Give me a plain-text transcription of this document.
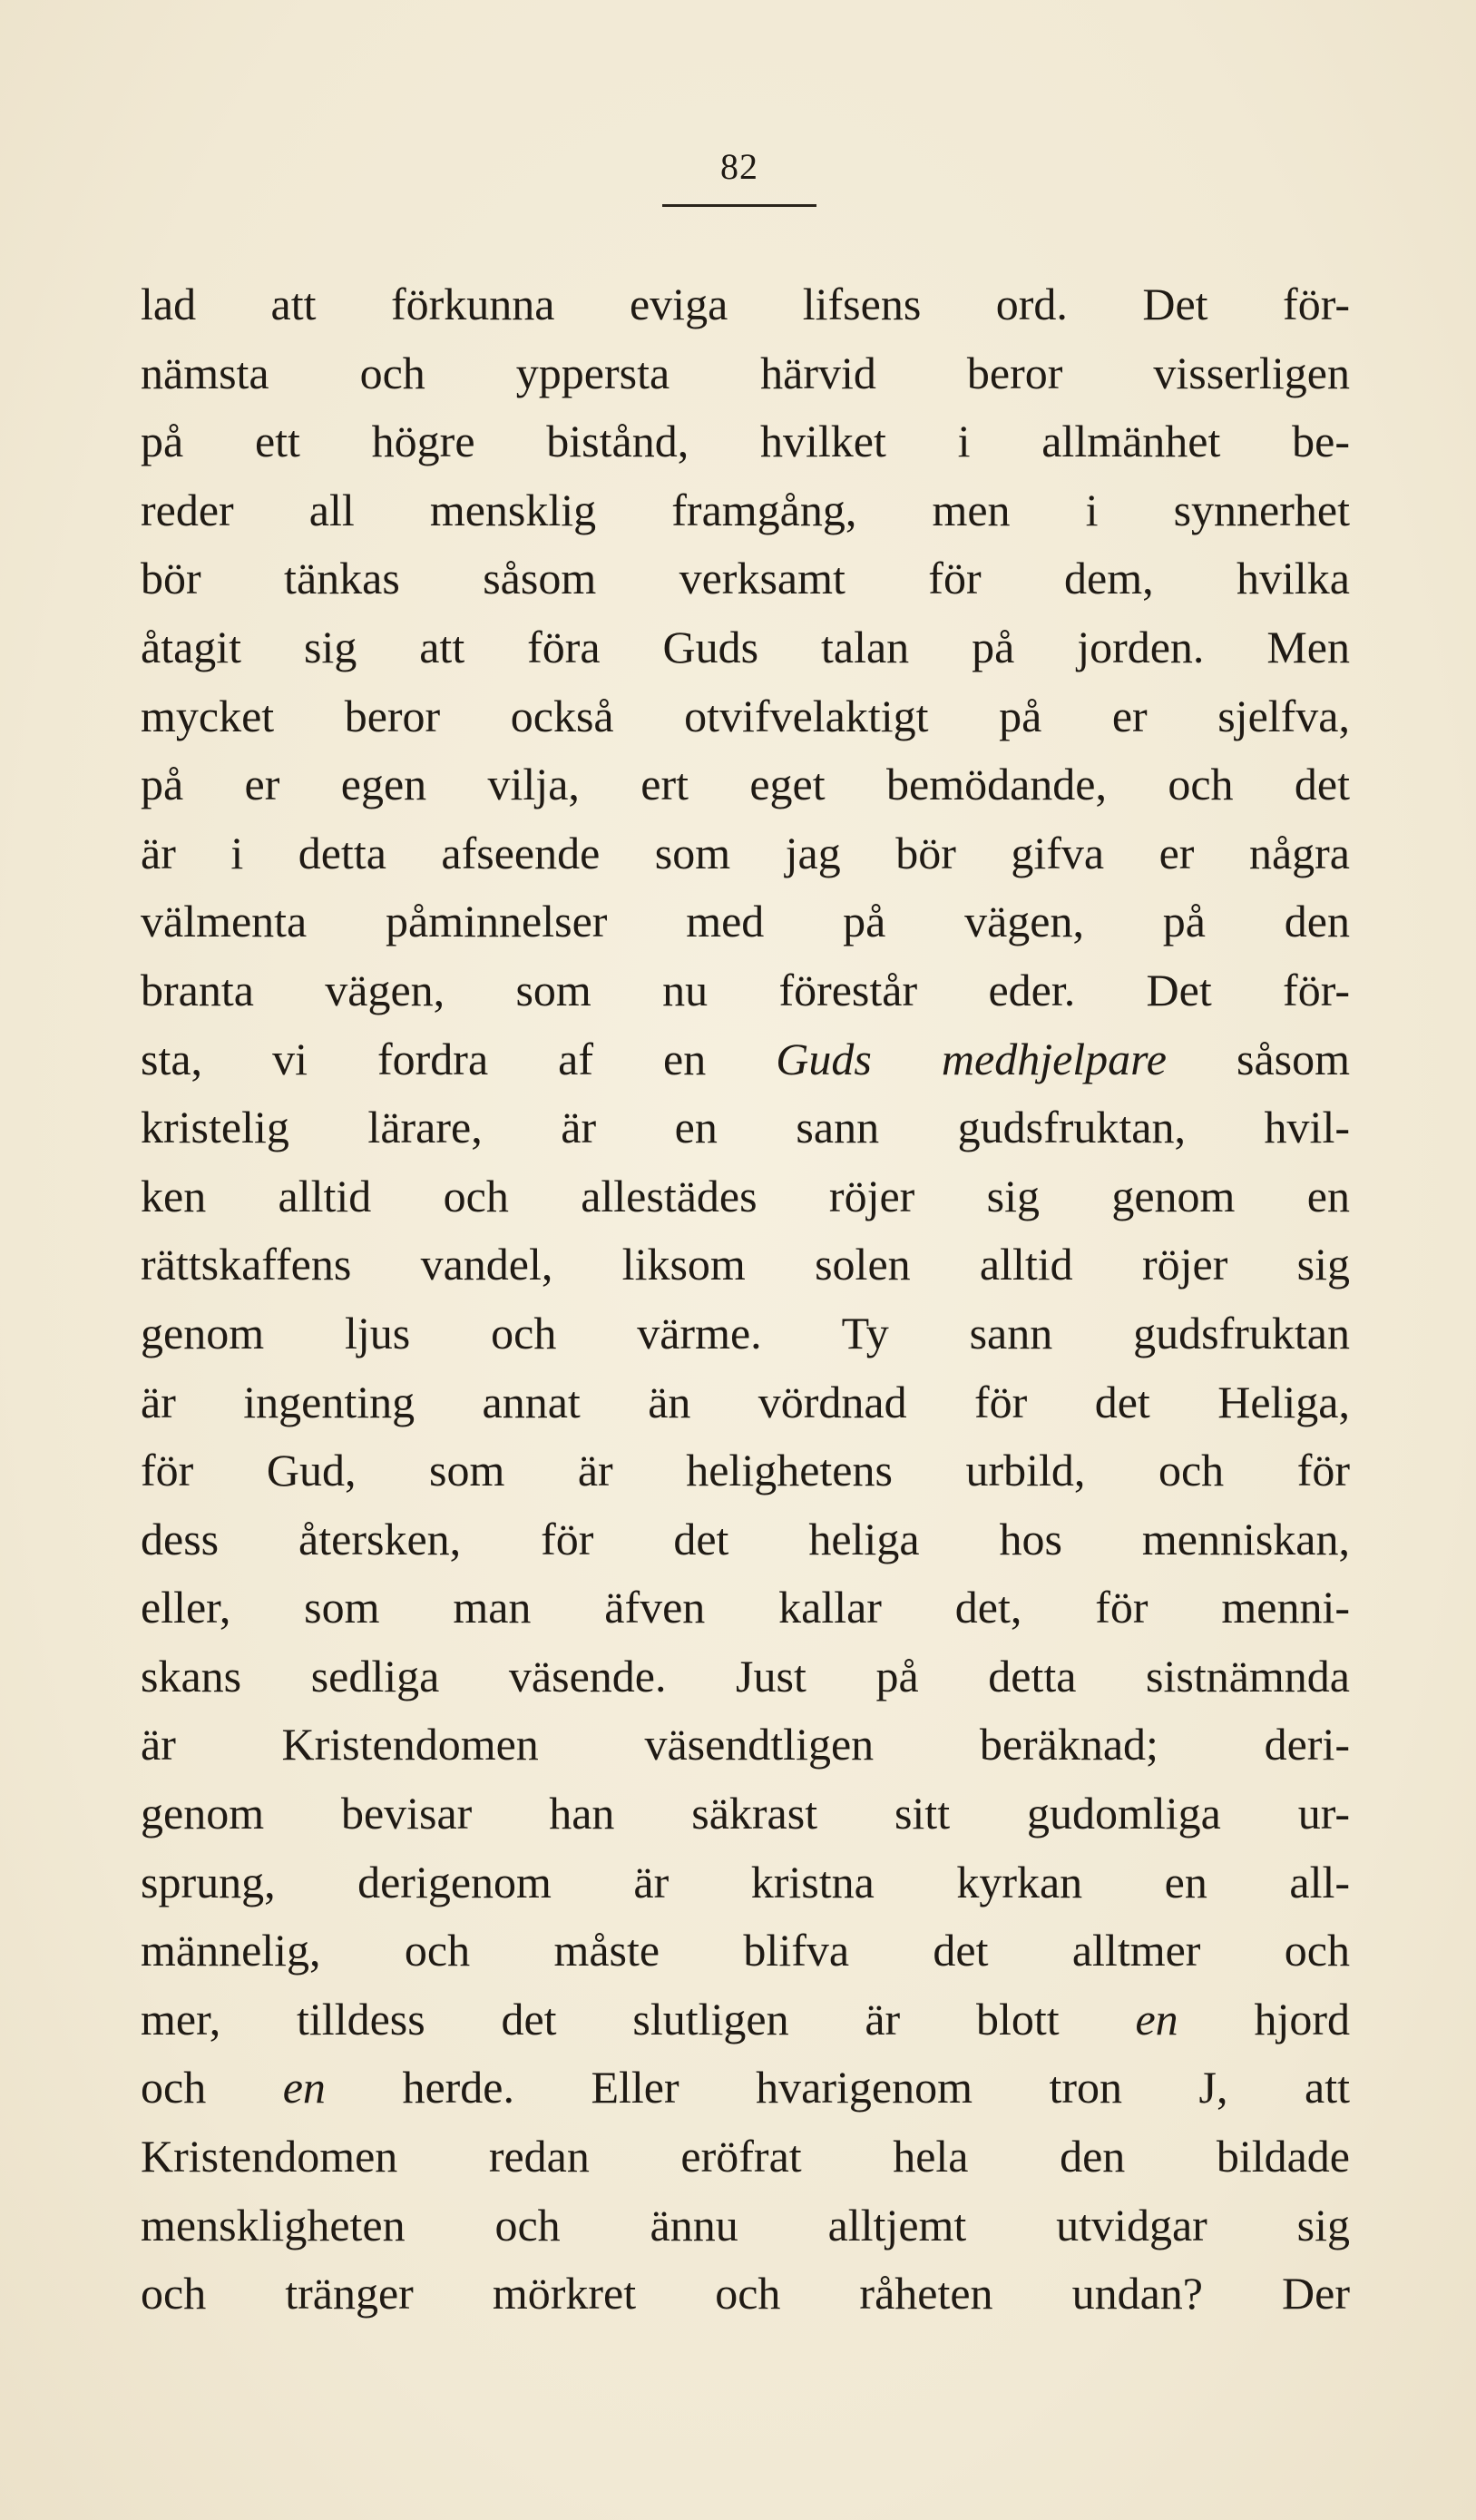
82
lad att förkunna eviga lifsens ord. Det för-
nämsta och yppersta härvid beror visserligen
på ett högre bistånd, hvilket i allmänhet be-
reder all mensklig framgång, men i synnerhet
bör tänkas såsom verksamt för dem, hvilka
åtagit sig att föra Guds talan på jorden. Men
mycket beror också otvifvelaktigt på er sjelfva,
på er egen vilja, ert eget bemödande, och det
är i detta afseende som jag bör gifva er några
välmenta påminnelser med på vägen, på den
branta vägen, som nu förestår eder. Det för-
sta, vi fordra af en Guds medhjelpare såsom
kristelig lärare, är en sann gudsfruktan, hvil-
ken alltid och allestädes röjer sig genom en
rättskaffens vandel, liksom solen alltid röjer sig
genom ljus och värme. Ty sann gudsfruktan
är ingenting annat än vördnad för det Heliga,
för Gud, som är helighetens urbild, och för
dess återsken, för det heliga hos menniskan,
eller, som man äfven kallar det, för menni-
skans sedliga väsende. Just på detta sistnämnda
är Kristendomen väsendtligen beräknad; deri-
genom bevisar han säkrast sitt gudomliga ur-
sprung, derigenom är kristna kyrkan en all-
männelig, och måste blifva det alltmer och
mer, tilldess det slutligen är blott en hjord
och en herde. Eller hvarigenom tron J, att
Kristendomen redan eröfrat hela den bildade
menskligheten och ännu alltjemt utvidgar sig
och tränger mörkret och råheten undan? Der
